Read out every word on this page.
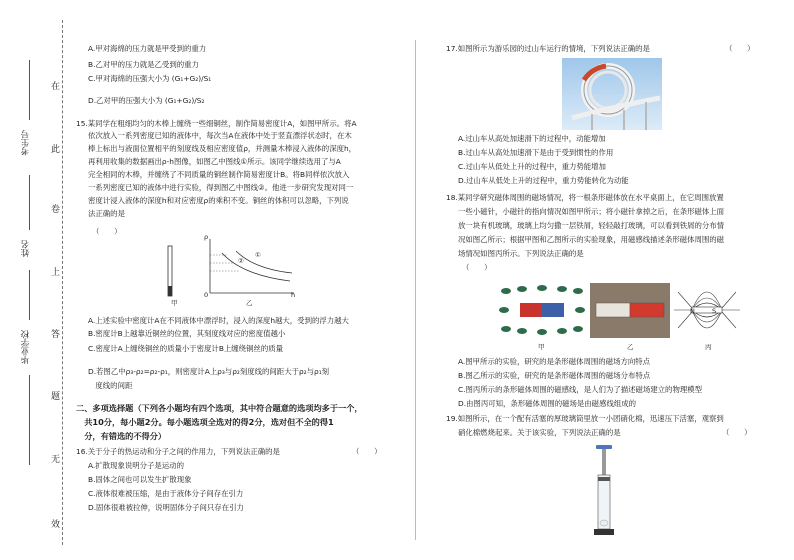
在
此
卷
上
答
题
无
效
考生号
姓名
毕业学校
A.甲对海绵的压力就是甲受到的重力
B.乙对甲的压力就是乙受到的重力
C.甲对海绵的压强大小为 (G₁+G₂)/S₁
D.乙对甲的压强大小为 (G₁+G₂)/S₂
15.某同学在粗细均匀的木棒上缠绕一些细铜丝，制作简易密度计A，如图甲所示。将A
依次放入一系列密度已知的液体中，每次当A在液体中处于竖直漂浮状态时，在木
棒上标出与液面位置相平的刻度线及相应密度值ρ，并测量木棒浸入液体的深度h，
再利用收集的数据画出ρ-h图像，如图乙中图线①所示。该同学继续选用了与A
完全相同的木棒，并缠绕了不同质量的铜丝制作简易密度计B。将B同样依次放入
一系列密度已知的液体中进行实验，得到图乙中图线②。他进一步研究发现对同一
密度计浸入液体的深度h和对应密度ρ的乘积不变。铜丝的体积可以忽略，下列说
法正确的是
（　　）
甲
ρ
h
0
①
②
乙
A.上述实验中密度计A在不同液体中漂浮时，浸入的深度h越大，受到的浮力越大
B.密度计B上越靠近铜丝的位置，其刻度线对应的密度值越小
C.密度计A上缠绕铜丝的质量小于密度计B上缠绕铜丝的质量
D.若图乙中ρ₃-ρ₂=ρ₂-ρ₁，则密度计A上ρ₃与ρ₂刻度线的间距大于ρ₂与ρ₁刻
　度线的间距
二、多项选择题（下列各小题均有四个选项，其中符合题意的选项均多于一个，
　共10分，每小题2分。每小题选项全选对的得2分，选对但不全的得1
　分，有错选的不得分）
16.关于分子的热运动和分子之间的作用力，下列说法正确的是	（　　）
A.扩散现象说明分子是运动的
B.固体之间也可以发生扩散现象
C.液体很难被压缩，是由于液体分子间存在引力
D.固体很难被拉伸，说明固体分子间只存在引力
17.如图所示为游乐园的过山车运行的情境，下列说法正确的是	（　　）
A.过山车从高处加速滑下的过程中，动能增加
B.过山车从高处加速滑下是由于受到惯性的作用
C.过山车从低处上升的过程中，重力势能增加
D.过山车从低处上升的过程中，重力势能转化为动能
18.某同学研究磁体周围的磁场情况，将一根条形磁体放在水平桌面上，在它周围放置
一些小磁针，小磁针的指向情况如图甲所示；将小磁针拿掉之后，在条形磁体上面
放一块有机玻璃，玻璃上均匀撒一层铁屑，轻轻敲打玻璃，可以看到铁屑的分布情
况如图乙所示；根据甲图和乙图所示的实验现象，用磁感线描述条形磁体周围的磁
场情况如图丙所示。下列说法正确的是
（　　）
甲	乙
N	S
丙
A.图甲所示的实验，研究的是条形磁体周围的磁场方向特点
B.图乙所示的实验，研究的是条形磁体周围的磁场分布特点
C.图丙所示的条形磁体周围的磁感线，是人们为了描述磁场建立的物理模型
D.由图丙可知，条形磁体周围的磁场是由磁感线组成的
19.如图所示，在一个配有活塞的厚玻璃筒里放一小团硝化棉，迅速压下活塞，观察到
硝化棉燃烧起来。关于该实验，下列说法正确的是	（　　）
